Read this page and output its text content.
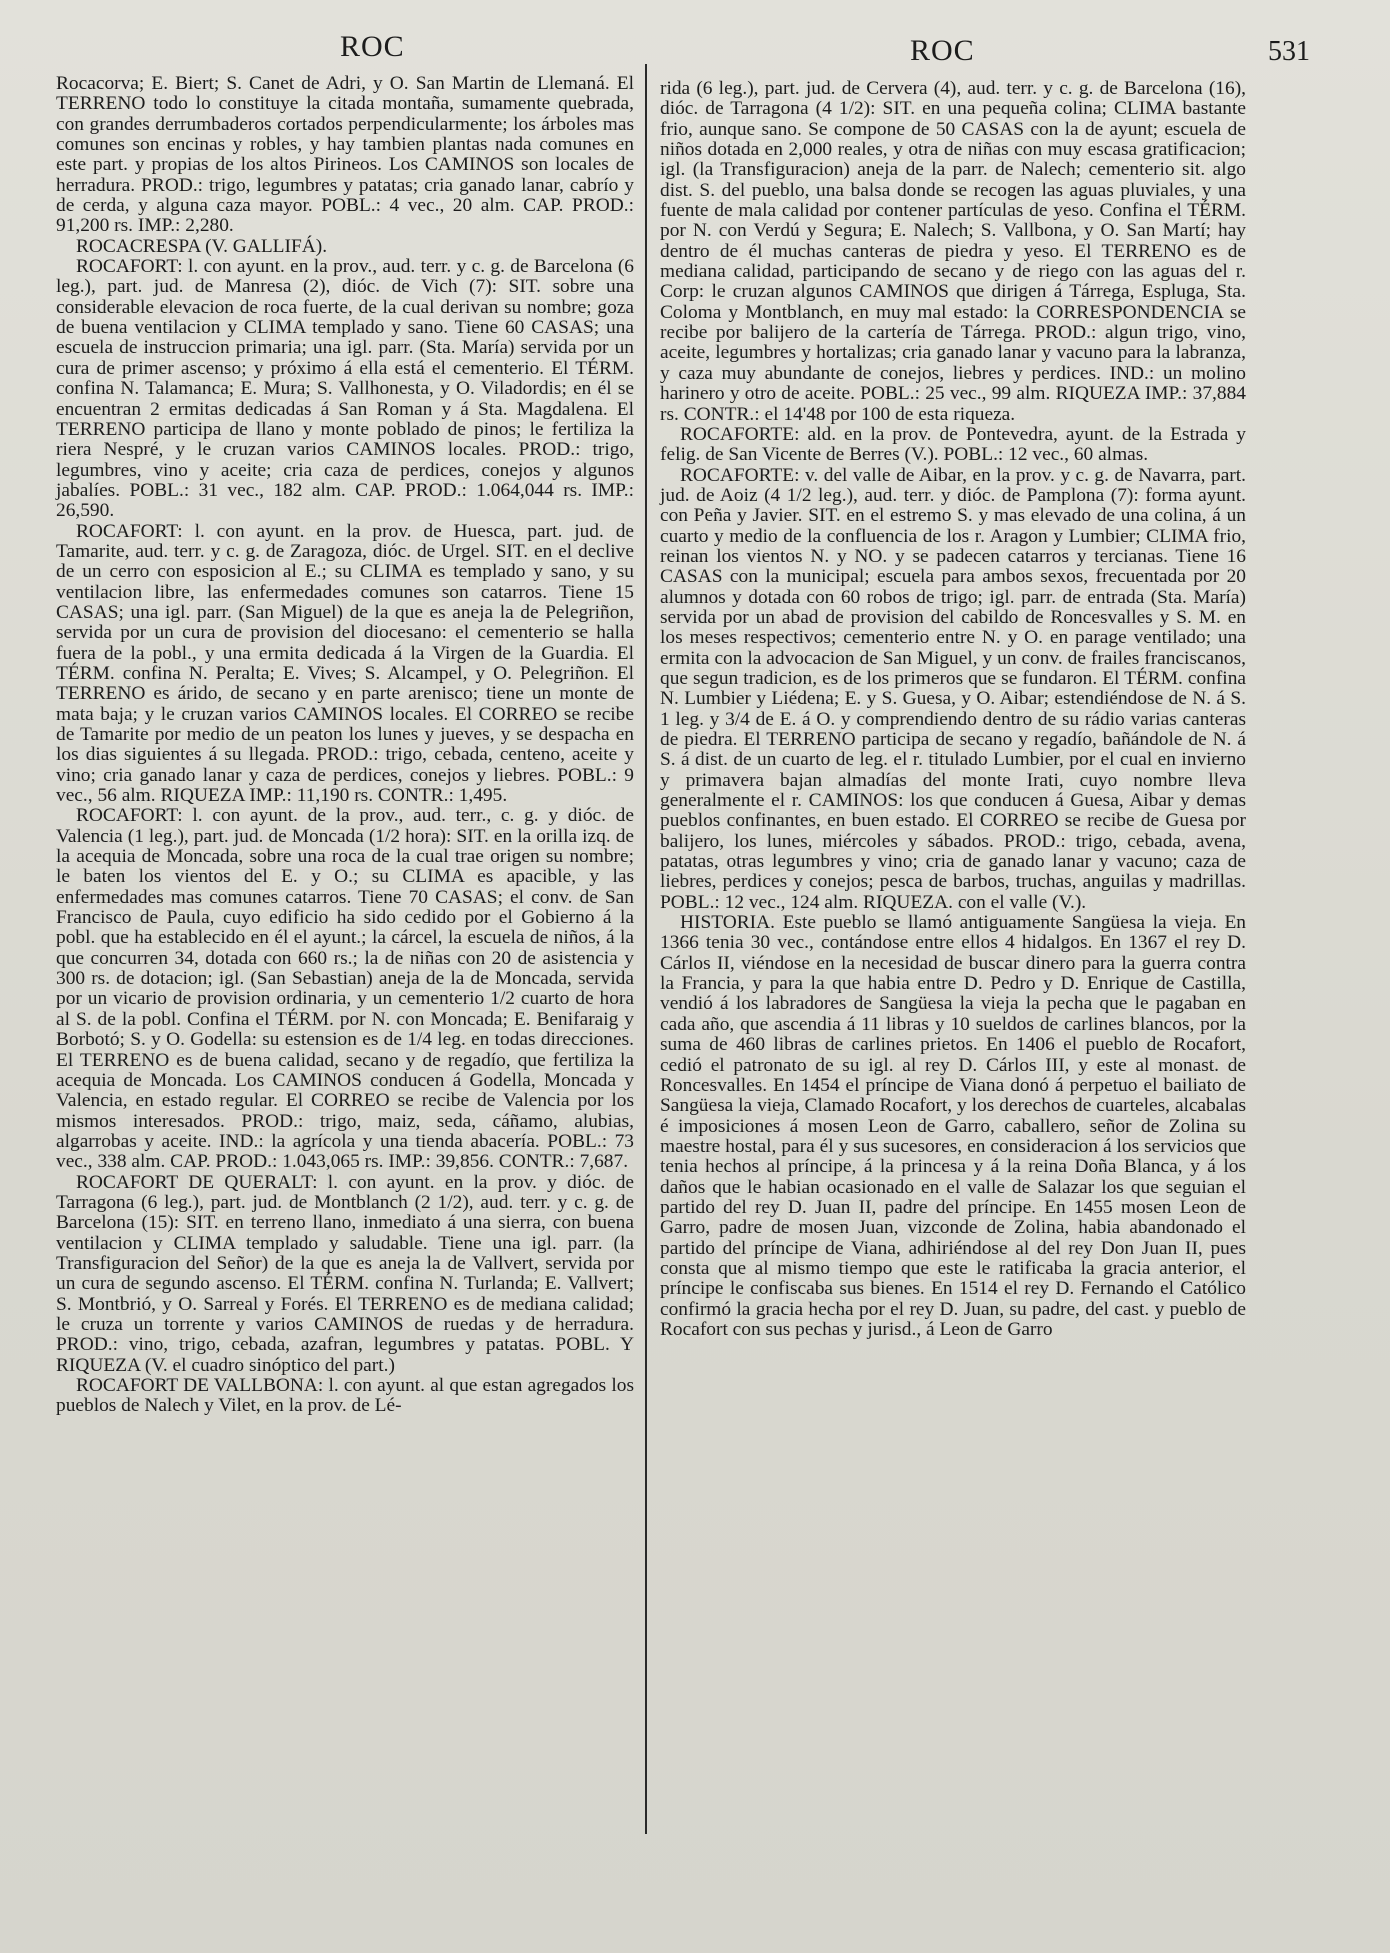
ROC	ROC	531

Rocacorva; E. Biert; S. Canet de Adri, y O. San Martin de Llemaná. El TERRENO todo lo constituye la citada montaña, sumamente quebrada, con grandes derrumbaderos cortados perpendicularmente; los árboles mas comunes son encinas y robles, y hay tambien plantas nada comunes en este part. y propias de los altos Pirineos. Los CAMINOS son locales de herradura. PROD.: trigo, legumbres y patatas; cria ganado lanar, cabrío y de cerda, y alguna caza mayor. POBL.: 4 vec., 20 alm. CAP. PROD.: 91,200 rs. IMP.: 2,280.

ROCACRESPA (V. GALLIFÁ).

ROCAFORT: l. con ayunt. en la prov., aud. terr. y c. g. de Barcelona (6 leg.), part. jud. de Manresa (2), dióc. de Vich (7): SIT. sobre una considerable elevacion de roca fuerte, de la cual derivan su nombre; goza de buena ventilacion y CLIMA templado y sano. Tiene 60 CASAS; una escuela de instruccion primaria; una igl. parr. (Sta. María) servida por un cura de primer ascenso; y próximo á ella está el cementerio. El TÉRM. confina N. Talamanca; E. Mura; S. Vallhonesta, y O. Viladordis; en él se encuentran 2 ermitas dedicadas á San Roman y á Sta. Magdalena. El TERRENO participa de llano y monte poblado de pinos; le fertiliza la riera Nespré, y le cruzan varios CAMINOS locales. PROD.: trigo, legumbres, vino y aceite; cria caza de perdices, conejos y algunos jabalíes. POBL.: 31 vec., 182 alm. CAP. PROD.: 1.064,044 rs. IMP.: 26,590.

ROCAFORT: l. con ayunt. en la prov. de Huesca, part. jud. de Tamarite, aud. terr. y c. g. de Zaragoza, dióc. de Urgel. SIT. en el declive de un cerro con esposicion al E.; su CLIMA es templado y sano, y su ventilacion libre, las enfermedades comunes son catarros. Tiene 15 CASAS; una igl. parr. (San Miguel) de la que es aneja la de Pelegriñon, servida por un cura de provision del diocesano: el cementerio se halla fuera de la pobl., y una ermita dedicada á la Virgen de la Guardia. El TÉRM. confina N. Peralta; E. Vives; S. Alcampel, y O. Pelegriñon. El TERRENO es árido, de secano y en parte arenisco; tiene un monte de mata baja; y le cruzan varios CAMINOS locales. El CORREO se recibe de Tamarite por medio de un peaton los lunes y jueves, y se despacha en los dias siguientes á su llegada. PROD.: trigo, cebada, centeno, aceite y vino; cria ganado lanar y caza de perdices, conejos y liebres. POBL.: 9 vec., 56 alm. RIQUEZA IMP.: 11,190 rs. CONTR.: 1,495.

ROCAFORT: l. con ayunt. de la prov., aud. terr., c. g. y dióc. de Valencia (1 leg.), part. jud. de Moncada (1/2 hora): SIT. en la orilla izq. de la acequia de Moncada, sobre una roca de la cual trae origen su nombre; le baten los vientos del E. y O.; su CLIMA es apacible, y las enfermedades mas comunes catarros. Tiene 70 CASAS; el conv. de San Francisco de Paula, cuyo edificio ha sido cedido por el Gobierno á la pobl. que ha establecido en él el ayunt.; la cárcel, la escuela de niños, á la que concurren 34, dotada con 660 rs.; la de niñas con 20 de asistencia y 300 rs. de dotacion; igl. (San Sebastian) aneja de la de Moncada, servida por un vicario de provision ordinaria, y un cementerio 1/2 cuarto de hora al S. de la pobl. Confina el TÉRM. por N. con Moncada; E. Benifaraig y Borbotó; S. y O. Godella: su estension es de 1/4 leg. en todas direcciones. El TERRENO es de buena calidad, secano y de regadío, que fertiliza la acequia de Moncada. Los CAMINOS conducen á Godella, Moncada y Valencia, en estado regular. El CORREO se recibe de Valencia por los mismos interesados. PROD.: trigo, maiz, seda, cáñamo, alubias, algarrobas y aceite. IND.: la agrícola y una tienda abacería. POBL.: 73 vec., 338 alm. CAP. PROD.: 1.043,065 rs. IMP.: 39,856. CONTR.: 7,687.

ROCAFORT DE QUERALT: l. con ayunt. en la prov. y dióc. de Tarragona (6 leg.), part. jud. de Montblanch (2 1/2), aud. terr. y c. g. de Barcelona (15): SIT. en terreno llano, inmediato á una sierra, con buena ventilacion y CLIMA templado y saludable. Tiene una igl. parr. (la Transfiguracion del Señor) de la que es aneja la de Vallvert, servida por un cura de segundo ascenso. El TÉRM. confina N. Turlanda; E. Vallvert; S. Montbrió, y O. Sarreal y Forés. El TERRENO es de mediana calidad; le cruza un torrente y varios CAMINOS de ruedas y de herradura. PROD.: vino, trigo, cebada, azafran, legumbres y patatas. POBL. Y RIQUEZA (V. el cuadro sinóptico del part.)

ROCAFORT DE VALLBONA: l. con ayunt. al que estan agregados los pueblos de Nalech y Vilet, en la prov. de Lé-

rida (6 leg.), part. jud. de Cervera (4), aud. terr. y c. g. de Barcelona (16), dióc. de Tarragona (4 1/2): SIT. en una pequeña colina; CLIMA bastante frio, aunque sano. Se compone de 50 CASAS con la de ayunt; escuela de niños dotada en 2,000 reales, y otra de niñas con muy escasa gratificacion; igl. (la Transfiguracion) aneja de la parr. de Nalech; cementerio sit. algo dist. S. del pueblo, una balsa donde se recogen las aguas pluviales, y una fuente de mala calidad por contener partículas de yeso. Confina el TÉRM. por N. con Verdú y Segura; E. Nalech; S. Vallbona, y O. San Martí; hay dentro de él muchas canteras de piedra y yeso. El TERRENO es de mediana calidad, participando de secano y de riego con las aguas del r. Corp: le cruzan algunos CAMINOS que dirigen á Tárrega, Espluga, Sta. Coloma y Montblanch, en muy mal estado: la CORRESPONDENCIA se recibe por balijero de la cartería de Tárrega. PROD.: algun trigo, vino, aceite, legumbres y hortalizas; cria ganado lanar y vacuno para la labranza, y caza muy abundante de conejos, liebres y perdices. IND.: un molino harinero y otro de aceite. POBL.: 25 vec., 99 alm. RIQUEZA IMP.: 37,884 rs. CONTR.: el 14'48 por 100 de esta riqueza.

ROCAFORTE: ald. en la prov. de Pontevedra, ayunt. de la Estrada y felig. de San Vicente de Berres (V.). POBL.: 12 vec., 60 almas.

ROCAFORTE: v. del valle de Aibar, en la prov. y c. g. de Navarra, part. jud. de Aoiz (4 1/2 leg.), aud. terr. y dióc. de Pamplona (7): forma ayunt. con Peña y Javier. SIT. en el estremo S. y mas elevado de una colina, á un cuarto y medio de la confluencia de los r. Aragon y Lumbier; CLIMA frio, reinan los vientos N. y NO. y se padecen catarros y tercianas. Tiene 16 CASAS con la municipal; escuela para ambos sexos, frecuentada por 20 alumnos y dotada con 60 robos de trigo; igl. parr. de entrada (Sta. María) servida por un abad de provision del cabildo de Roncesvalles y S. M. en los meses respectivos; cementerio entre N. y O. en parage ventilado; una ermita con la advocacion de San Miguel, y un conv. de frailes franciscanos, que segun tradicion, es de los primeros que se fundaron. El TÉRM. confina N. Lumbier y Liédena; E. y S. Guesa, y O. Aibar; estendiéndose de N. á S. 1 leg. y 3/4 de E. á O. y comprendiendo dentro de su rádio varias canteras de piedra. El TERRENO participa de secano y regadío, bañándole de N. á S. á dist. de un cuarto de leg. el r. titulado Lumbier, por el cual en invierno y primavera bajan almadías del monte Irati, cuyo nombre lleva generalmente el r. CAMINOS: los que conducen á Guesa, Aibar y demas pueblos confinantes, en buen estado. El CORREO se recibe de Guesa por balijero, los lunes, miércoles y sábados. PROD.: trigo, cebada, avena, patatas, otras legumbres y vino; cria de ganado lanar y vacuno; caza de liebres, perdices y conejos; pesca de barbos, truchas, anguilas y madrillas. POBL.: 12 vec., 124 alm. RIQUEZA. con el valle (V.).

HISTORIA. Este pueblo se llamó antiguamente Sangüesa la vieja. En 1366 tenia 30 vec., contándose entre ellos 4 hidalgos. En 1367 el rey D. Cárlos II, viéndose en la necesidad de buscar dinero para la guerra contra la Francia, y para la que habia entre D. Pedro y D. Enrique de Castilla, vendió á los labradores de Sangüesa la vieja la pecha que le pagaban en cada año, que ascendia á 11 libras y 10 sueldos de carlines blancos, por la suma de 460 libras de carlines prietos. En 1406 el pueblo de Rocafort, cedió el patronato de su igl. al rey D. Cárlos III, y este al monast. de Roncesvalles. En 1454 el príncipe de Viana donó á perpetuo el bailiato de Sangüesa la vieja, Clamado Rocafort, y los derechos de cuarteles, alcabalas é imposiciones á mosen Leon de Garro, caballero, señor de Zolina su maestre hostal, para él y sus sucesores, en consideracion á los servicios que tenia hechos al príncipe, á la princesa y á la reina Doña Blanca, y á los daños que le habian ocasionado en el valle de Salazar los que seguian el partido del rey D. Juan II, padre del príncipe. En 1455 mosen Leon de Garro, padre de mosen Juan, vizconde de Zolina, habia abandonado el partido del príncipe de Viana, adhiriéndose al del rey Don Juan II, pues consta que al mismo tiempo que este le ratificaba la gracia anterior, el príncipe le confiscaba sus bienes. En 1514 el rey D. Fernando el Católico confirmó la gracia hecha por el rey D. Juan, su padre, del cast. y pueblo de Rocafort con sus pechas y jurisd., á Leon de Garro
